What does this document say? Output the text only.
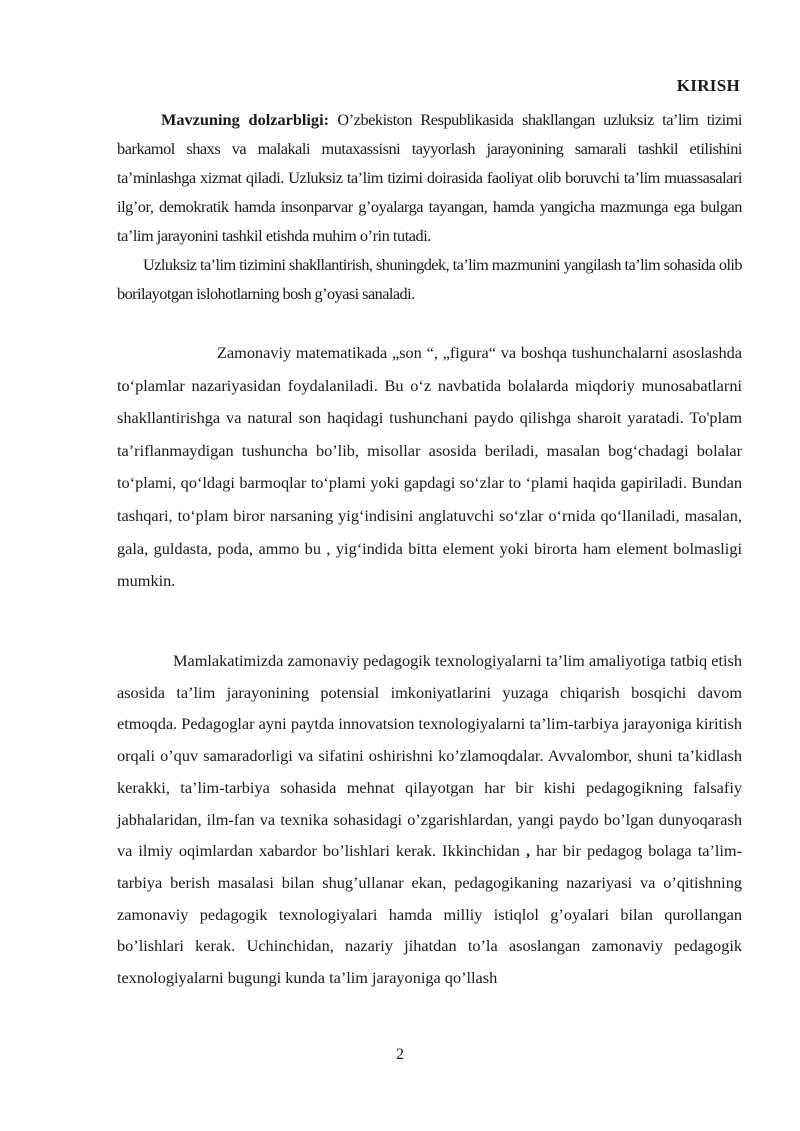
KIRISH

Mavzuning dolzarbligi: O’zbekiston Respublikasida shakllangan uzluksiz ta’lim tizimi barkamol shaxs va malakali mutaxassisni tayyorlash jarayonining samarali tashkil etilishini ta’minlashga xizmat qiladi. Uzluksiz ta’lim tizimi doirasida faoliyat olib boruvchi ta’lim muassasalari ilg’or, demokratik hamda insonparvar g’oyalarga tayangan, hamda yangicha mazmunga ega bulgan ta’lim jarayonini tashkil etishda muhim o’rin tutadi.

Uzluksiz ta’lim tizimini shakllantirish, shuningdek, ta’lim mazmunini yangilash ta’lim sohasida olib borilayotgan islohotlarning bosh g’oyasi sanaladi.

Zamonaviy matematikada „son “, „figura“ va boshqa tushunchalarni asoslashda to‘plamlar nazariyasidan foydalaniladi. Bu o‘z navbatida bolalarda miqdoriy munosabatlarni shakllantirishga va natural son haqidagi tushunchani paydo qilishga sharoit yaratadi. To'plam ta’riflanmaydigan tushuncha bo’lib, misollar asosida beriladi, masalan bog‘chadagi bolalar to‘plami, qo‘ldagi barmoqlar to‘plami yoki gapdagi so‘zlar to ‘plami haqida gapiriladi. Bundan tashqari, to‘plam biror narsaning yig‘indisini anglatuvchi so‘zlar o‘rnida qo‘llaniladi, masalan, gala, guldasta, poda, ammo bu , yig‘indida bitta element yoki birorta ham element bolmasligi mumkin.
Mamlakatimizda zamonaviy pedagogik texnologiyalarni ta’lim amaliyotiga tatbiq etish asosida ta’lim jarayonining potensial imkoniyatlarini yuzaga chiqarish bosqichi davom etmoqda. Pedagoglar ayni paytda innovatsion texnologiyalarni ta’lim-tarbiya jarayoniga kiritish orqali o’quv samaradorligi va sifatini oshirishni ko’zlamoqdalar. Avvalombor, shuni ta’kidlash kerakki, ta’lim-tarbiya sohasida mehnat qilayotgan har bir kishi pedagogikning falsafiy jabhalaridan, ilm-fan va texnika sohasidagi o’zgarishlardan, yangi paydo bo’lgan dunyoqarash va ilmiy oqimlardan xabardor bo’lishlari kerak. Ikkinchidan , har bir pedagog bolaga ta’lim-tarbiya berish masalasi bilan shug’ullanar ekan, pedagogikaning nazariyasi va o’qitishning zamonaviy pedagogik texnologiyalari hamda milliy istiqlol g’oyalari bilan qurollangan bo’lishlari kerak. Uchinchidan, nazariy jihatdan to’la asoslangan zamonaviy pedagogik texnologiyalarni bugungi kunda ta’lim jarayoniga qo’llash
2
